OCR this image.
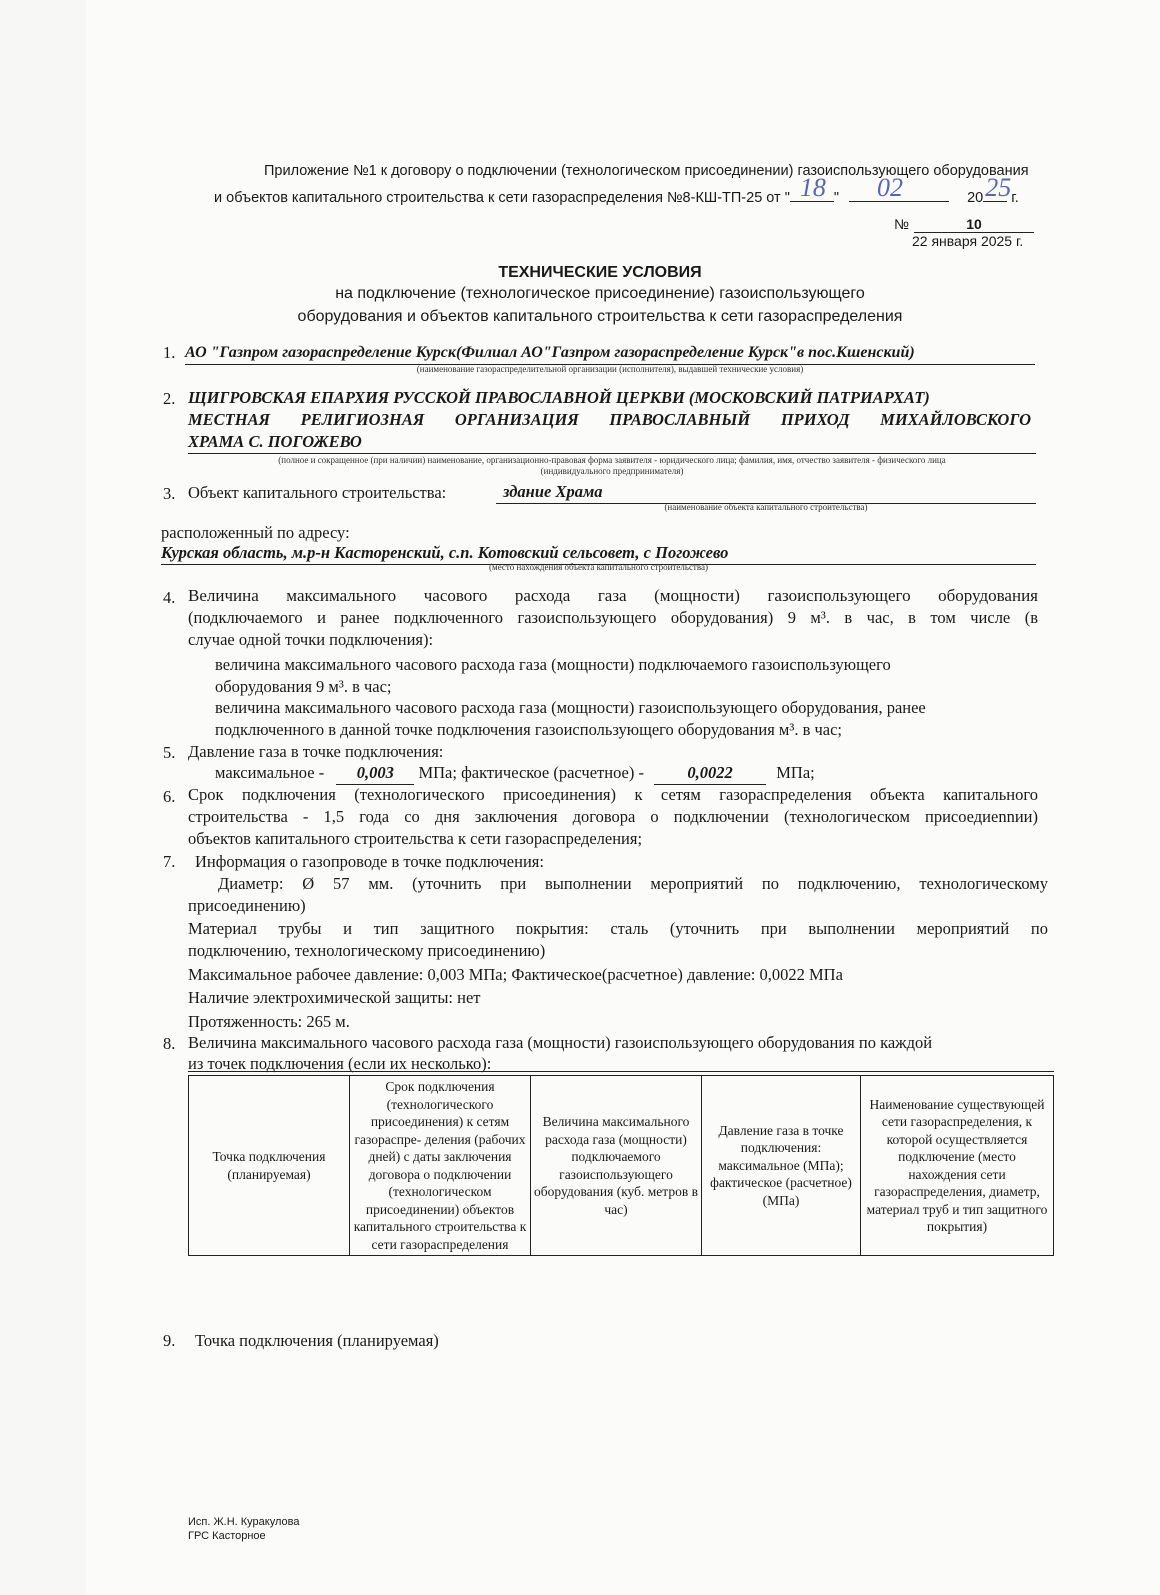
Приложение №1 к договору о подключении (технологическом присоединении) газоиспользующего оборудования
и объектов капитального строительства к сети газораспределения №8-КШ-ТП-25 от " 18 " 02	20 25 г.
№	10
22 января 2025 г.
ТЕХНИЧЕСКИЕ УСЛОВИЯ
на подключение (технологическое присоединение) газоиспользующего
оборудования и объектов капитального строительства к сети газораспределения
1. АО "Газпром газораспределение Курск(Филиал АО"Газпром газораспределение Курск"в пос.Кшенский)
(наименование газораспределительной организации (исполнителя), выдавшей технические условия)
2. ЩИГРОВСКАЯ ЕПАРХИЯ РУССКОЙ ПРАВОСЛАВНОЙ ЦЕРКВИ (МОСКОВСКИЙ ПАТРИАРХАТ)
МЕСТНАЯ РЕЛИГИОЗНАЯ ОРГАНИЗАЦИЯ ПРАВОСЛАВНЫЙ ПРИХОД МИХАЙЛОВСКОГО
ХРАМА С. ПОГОЖЕВО
(полное и сокращенное (при наличии) наименование, организационно-правовая форма заявителя - юридического лица; фамилия, имя, отчество заявителя - физического лица
(индивидуального предпринимателя)
3. Объект капитального строительства:	здание Храма
(наименование объекта капитального строительства)
расположенный по адресу:
Курская область, м.р-н Касторенский, с.п. Котовский сельсовет, с Погожево
(место нахождения объекта капитального строительства)
4. Величина максимального часового расхода газа (мощности) газоиспользующего оборудования
(подключаемого и ранее подключенного газоиспользующего оборудования) 9 м³. в час, в том числе (в
случае одной точки подключения):
величина максимального часового расхода газа (мощности) подключаемого газоиспользующего
оборудования 9 м³. в час;
величина максимального часового расхода газа (мощности) газоиспользующего оборудования, ранее
подключенного в данной точке подключения газоиспользующего оборудования м³. в час;
5. Давление газа в точке подключения:
максимальное - 0,003 МПа; фактическое (расчетное) -	0,0022	МПа;
6. Срок подключения (технологического присоединения) к сетям газораспределения объекта капитального
строительства - 1,5 года со дня заключения договора о подключении (технологическом присоедиennии)
объектов капитального строительства к сети газораспределения;
7. Информация о газопроводе в точке подключения:
Диаметр: Ø 57 мм. (уточнить при выполнении мероприятий по подключению, технологическому
присоединению)
Материал трубы и тип защитного покрытия: сталь (уточнить при выполнении мероприятий по
подключению, технологическому присоединению)
Максимальное рабочее давление: 0,003 МПа; Фактическое(расчетное) давление: 0,0022 МПа
Наличие электрохимической защиты: нет
Протяженность: 265 м.
8. Величина максимального часового расхода газа (мощности) газоиспользующего оборудования по каждой
из точек подключения (если их несколько):
Точка подключения (планируемая)	Срок подключения (технологического присоединения) к сетям газораспре- деления (рабочих дней) с даты заключения договора о подключении (технологическом присоединении) объектов капитального строительства к сети газораспределения	Величина максимального расхода газа (мощности) подключаемого газоиспользующего оборудования (куб. метров в час)	Давление газа в точке подключения: максимальное (МПа); фактическое (расчетное) (МПа)	Наименование существующей сети газораспределения, к которой осуществляется подключение (место нахождения сети газораспределения, диаметр, материал труб и тип защитного покрытия)
9. Точка подключения (планируемая)
Исп. Ж.Н. Куракулова
ГРС Касторное
